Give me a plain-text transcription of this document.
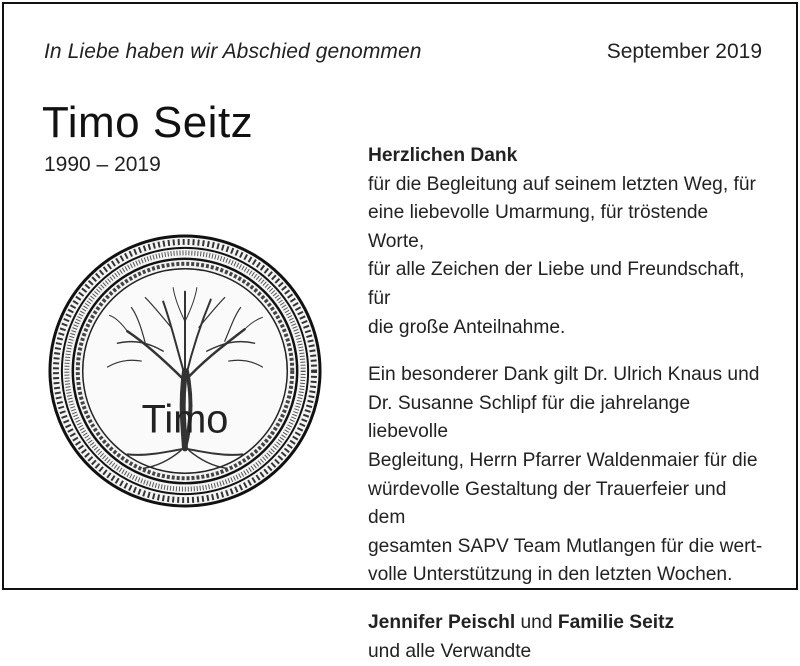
In Liebe haben wir Abschied genommen	September 2019
Timo Seitz
1990 – 2019
Timo

Herzlichen Dank

für die Begleitung auf seinem letzten Weg, für
eine liebevolle Umarmung, für tröstende Worte,
für alle Zeichen der Liebe und Freundschaft, für
die große Anteilnahme.

Ein besonderer Dank gilt Dr. Ulrich Knaus und
Dr. Susanne Schlipf für die jahrelange liebevolle
Begleitung, Herrn Pfarrer Waldenmaier für die
würdevolle Gestaltung der Trauerfeier und dem
gesamten SAPV Team Mutlangen für die wert-
volle Unterstützung in den letzten Wochen.

Jennifer Peischl und Familie Seitz
und alle Verwandte
